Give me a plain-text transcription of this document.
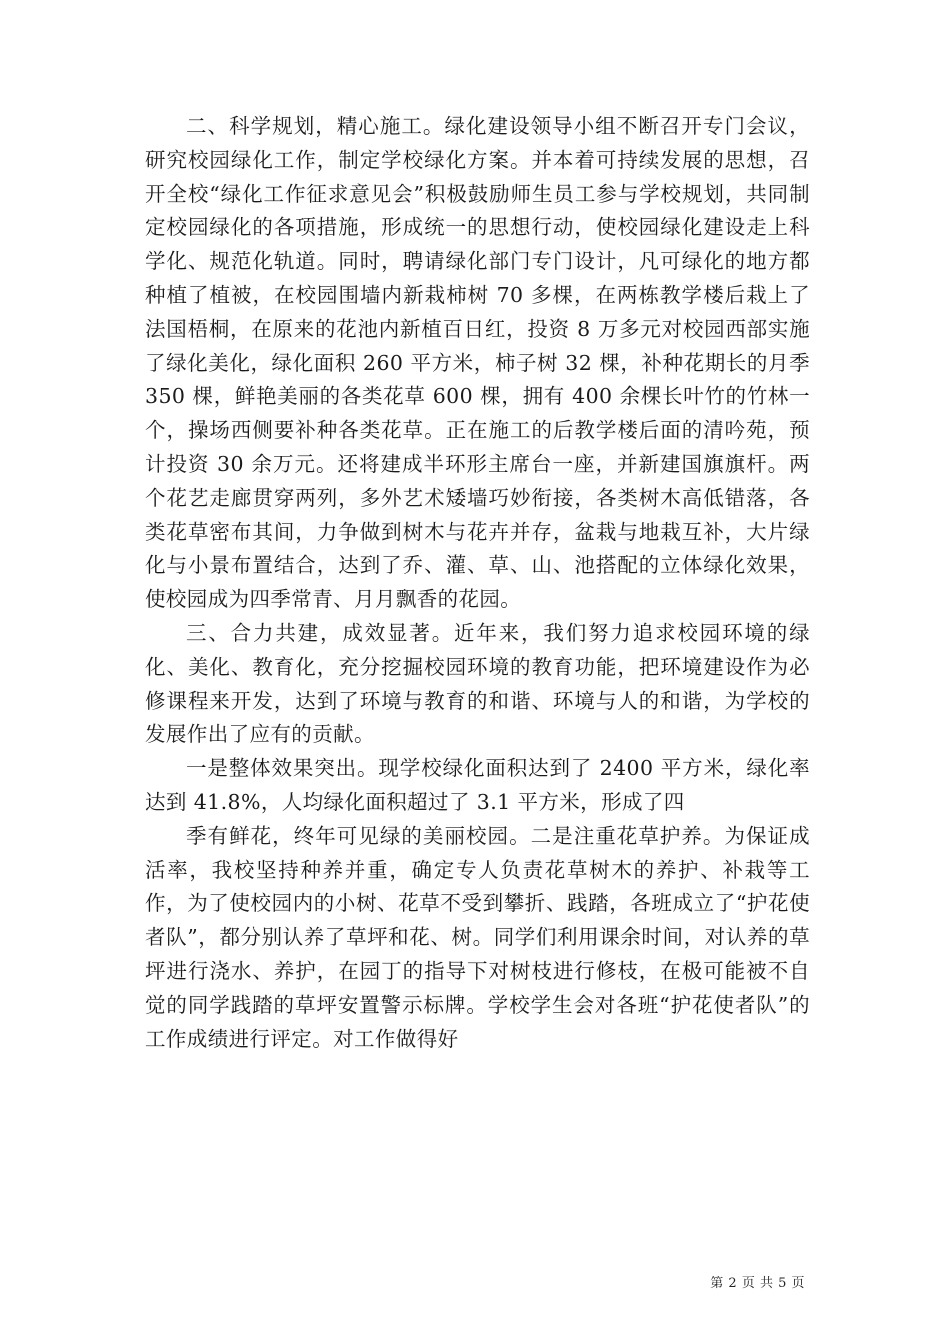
二、科学规划，精心施工。绿化建设领导小组不断召开专门会议，研究校园绿化工作，制定学校绿化方案。并本着可持续发展的思想，召开全校“绿化工作征求意见会”积极鼓励师生员工参与学校规划，共同制定校园绿化的各项措施，形成统一的思想行动，使校园绿化建设走上科学化、规范化轨道。同时，聘请绿化部门专门设计，凡可绿化的地方都种植了植被，在校园围墙内新栽柿树 70 多棵，在两栋教学楼后栽上了法国梧桐，在原来的花池内新植百日红，投资 8 万多元对校园西部实施了绿化美化，绿化面积 260 平方米，柿子树 32 棵，补种花期长的月季 350 棵，鲜艳美丽的各类花草 600 棵，拥有 400 余棵长叶竹的竹林一个，操场西侧要补种各类花草。正在施工的后教学楼后面的清吟苑，预计投资 30 余万元。还将建成半环形主席台一座，并新建国旗旗杆。两个花艺走廊贯穿两列，多外艺术矮墙巧妙衔接，各类树木高低错落，各类花草密布其间，力争做到树木与花卉并存，盆栽与地栽互补，大片绿化与小景布置结合，达到了乔、灌、草、山、池搭配的立体绿化效果，使校园成为四季常青、月月飘香的花园。

三、合力共建，成效显著。近年来，我们努力追求校园环境的绿化、美化、教育化，充分挖掘校园环境的教育功能，把环境建设作为必修课程来开发，达到了环境与教育的和谐、环境与人的和谐，为学校的发展作出了应有的贡献。

一是整体效果突出。现学校绿化面积达到了 2400 平方米，绿化率达到 41.8%，人均绿化面积超过了 3.1 平方米，形成了四

季有鲜花，终年可见绿的美丽校园。二是注重花草护养。为保证成活率，我校坚持种养并重，确定专人负责花草树木的养护、补栽等工作，为了使校园内的小树、花草不受到攀折、践踏，各班成立了“护花使者队”，都分别认养了草坪和花、树。同学们利用课余时间，对认养的草坪进行浇水、养护，在园丁的指导下对树枝进行修枝，在极可能被不自觉的同学践踏的草坪安置警示标牌。学校学生会对各班“护花使者队”的工作成绩进行评定。对工作做得好

第 2 页 共 5 页
